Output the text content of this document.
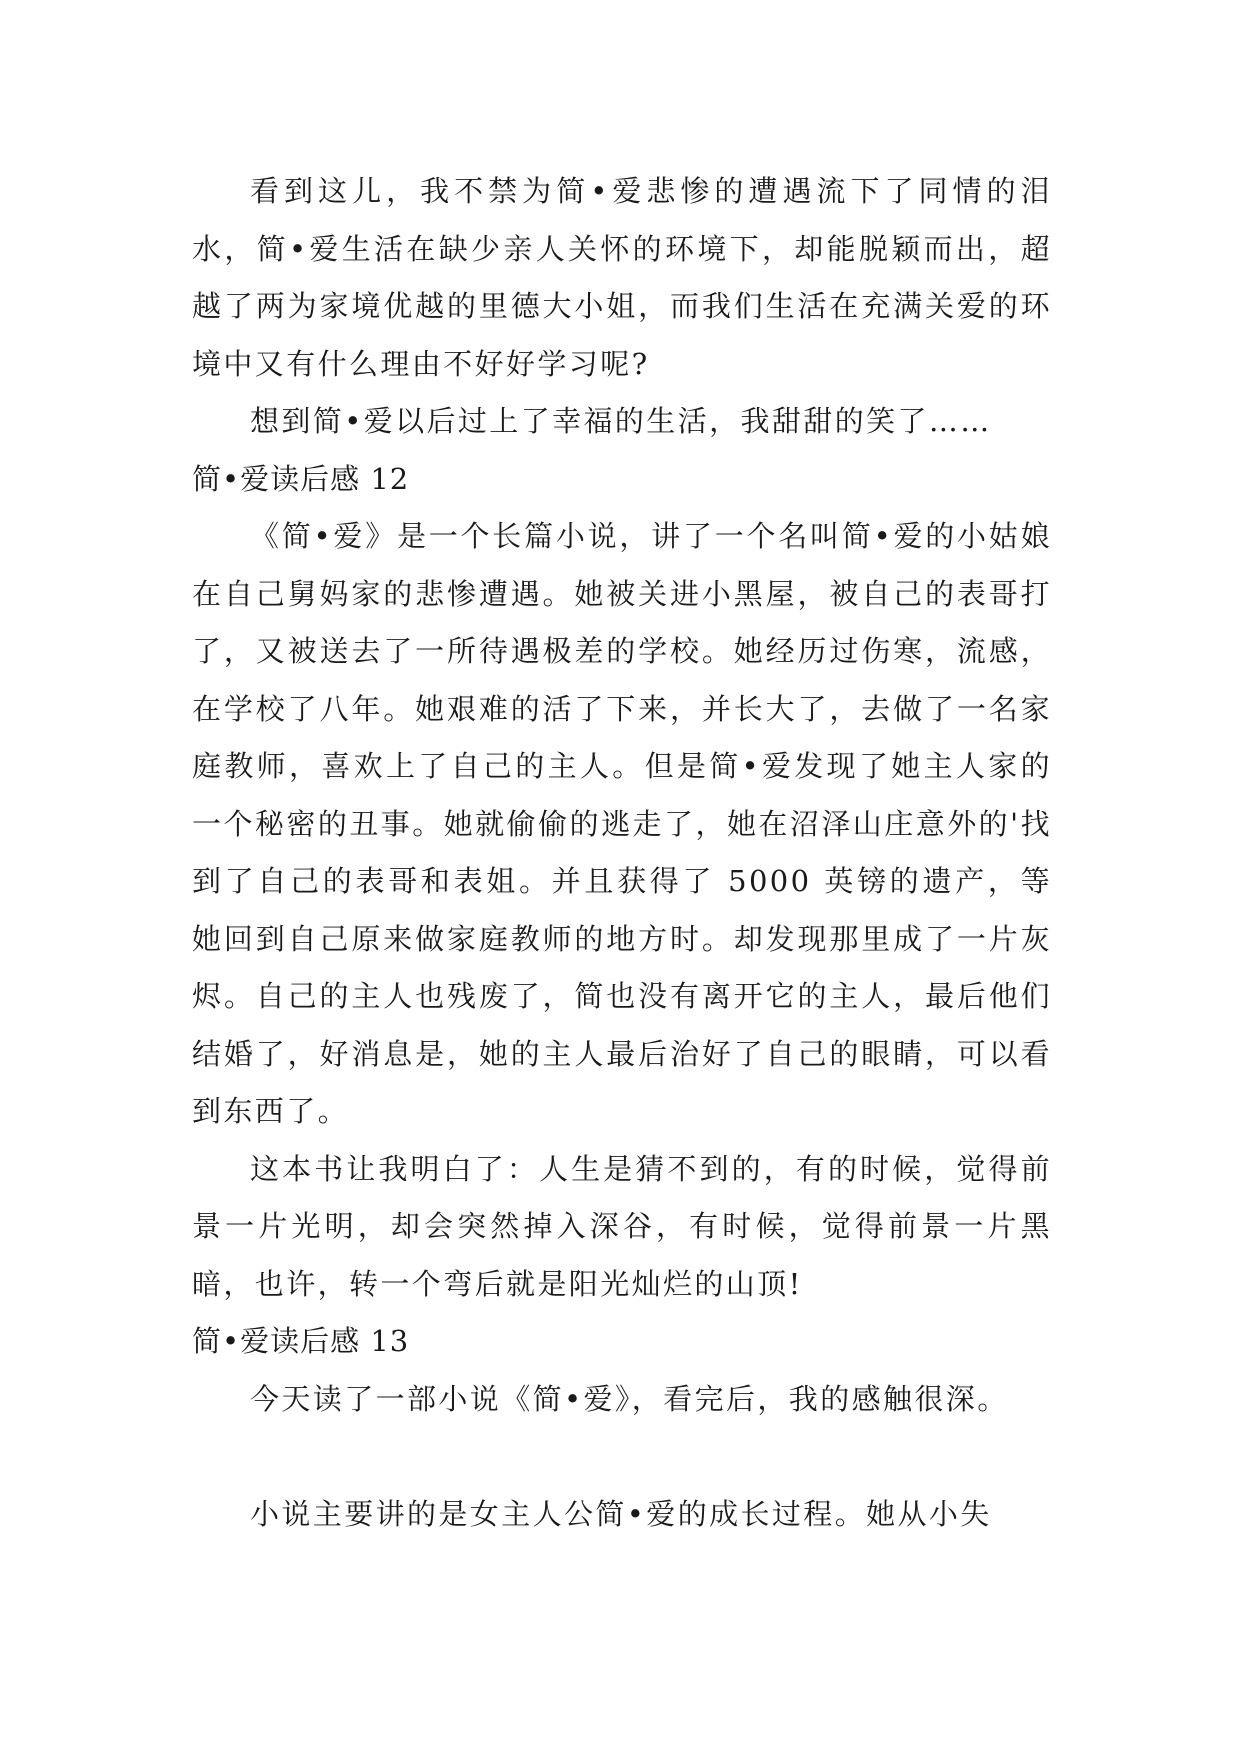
看到这儿，我不禁为简•爱悲惨的遭遇流下了同情的泪水，简•爱生活在缺少亲人关怀的环境下，却能脱颖而出，超越了两为家境优越的里德大小姐，而我们生活在充满关爱的环境中又有什么理由不好好学习呢?

想到简•爱以后过上了幸福的生活，我甜甜的笑了……

简•爱读后感 12

《简•爱》是一个长篇小说，讲了一个名叫简•爱的小姑娘在自己舅妈家的悲惨遭遇。她被关进小黑屋，被自己的表哥打了，又被送去了一所待遇极差的学校。她经历过伤寒，流感，在学校了八年。她艰难的活了下来，并长大了，去做了一名家庭教师，喜欢上了自己的主人。但是简•爱发现了她主人家的一个秘密的丑事。她就偷偷的逃走了，她在沼泽山庄意外的'找到了自己的表哥和表姐。并且获得了 5000 英镑的遗产，等她回到自己原来做家庭教师的地方时。却发现那里成了一片灰烬。自己的主人也残废了，简也没有离开它的主人，最后他们结婚了，好消息是，她的主人最后治好了自己的眼睛，可以看到东西了。

这本书让我明白了：人生是猜不到的，有的时候，觉得前景一片光明，却会突然掉入深谷，有时候，觉得前景一片黑暗，也许，转一个弯后就是阳光灿烂的山顶!

简•爱读后感 13

今天读了一部小说《简•爱》，看完后，我的感触很深。

小说主要讲的是女主人公简•爱的成长过程。她从小失
